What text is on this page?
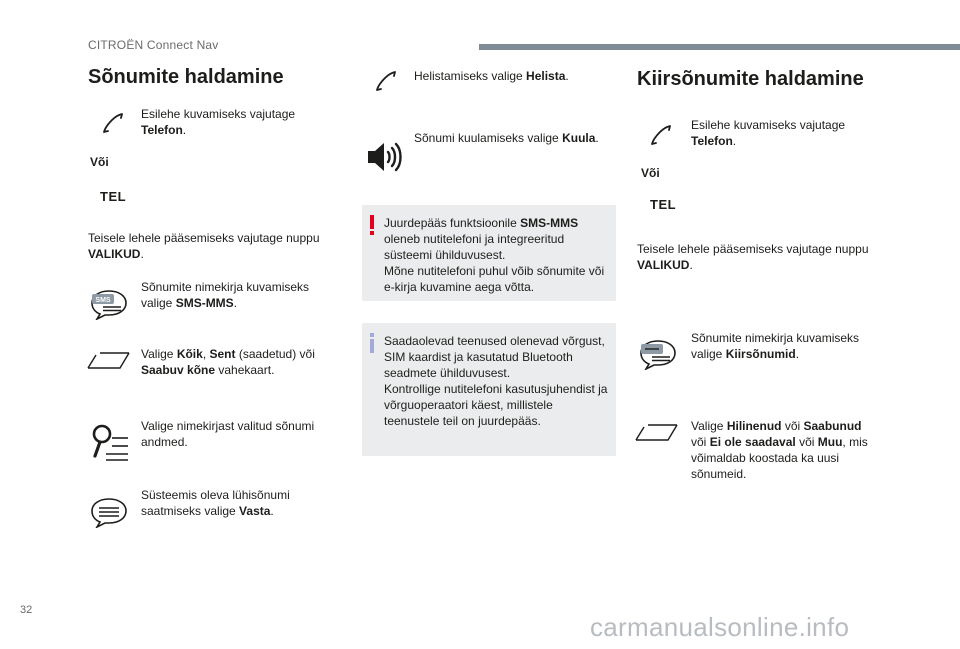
CITROËN Connect Nav
Sõnumite haldamine
Esilehe kuvamiseks vajutage Telefon.
Või
TEL
Teisele lehele pääsemiseks vajutage nuppu VALIKUD.
SMS
Sõnumite nimekirja kuvamiseks valige SMS-MMS.
Valige Kõik, Sent (saadetud) või Saabuv kõne vahekaart.
Valige nimekirjast valitud sõnumi andmed.
Süsteemis oleva lühisõnumi saatmiseks valige Vasta.
Helistamiseks valige Helista.
Sõnumi kuulamiseks valige Kuula.
Juurdepääs funktsioonile SMS-MMS oleneb nutitelefoni ja integreeritud süsteemi ühilduvusest.
Mõne nutitelefoni puhul võib sõnumite või e-kirja kuvamine aega võtta.
Saadaolevad teenused olenevad võrgust, SIM kaardist ja kasutatud Bluetooth seadmete ühilduvusest.
Kontrollige nutitelefoni kasutusjuhendist ja võrguoperaatori käest, millistele teenustele teil on juurdepääs.
Kiirsõnumite haldamine
Esilehe kuvamiseks vajutage Telefon.
Või
TEL
Teisele lehele pääsemiseks vajutage nuppu VALIKUD.
Sõnumite nimekirja kuvamiseks valige Kiirsõnumid.
Valige Hilinenud või Saabunud
või Ei ole saadaval või Muu, mis võimaldab koostada ka uusi sõnumeid.
32
carmanualsonline.info
